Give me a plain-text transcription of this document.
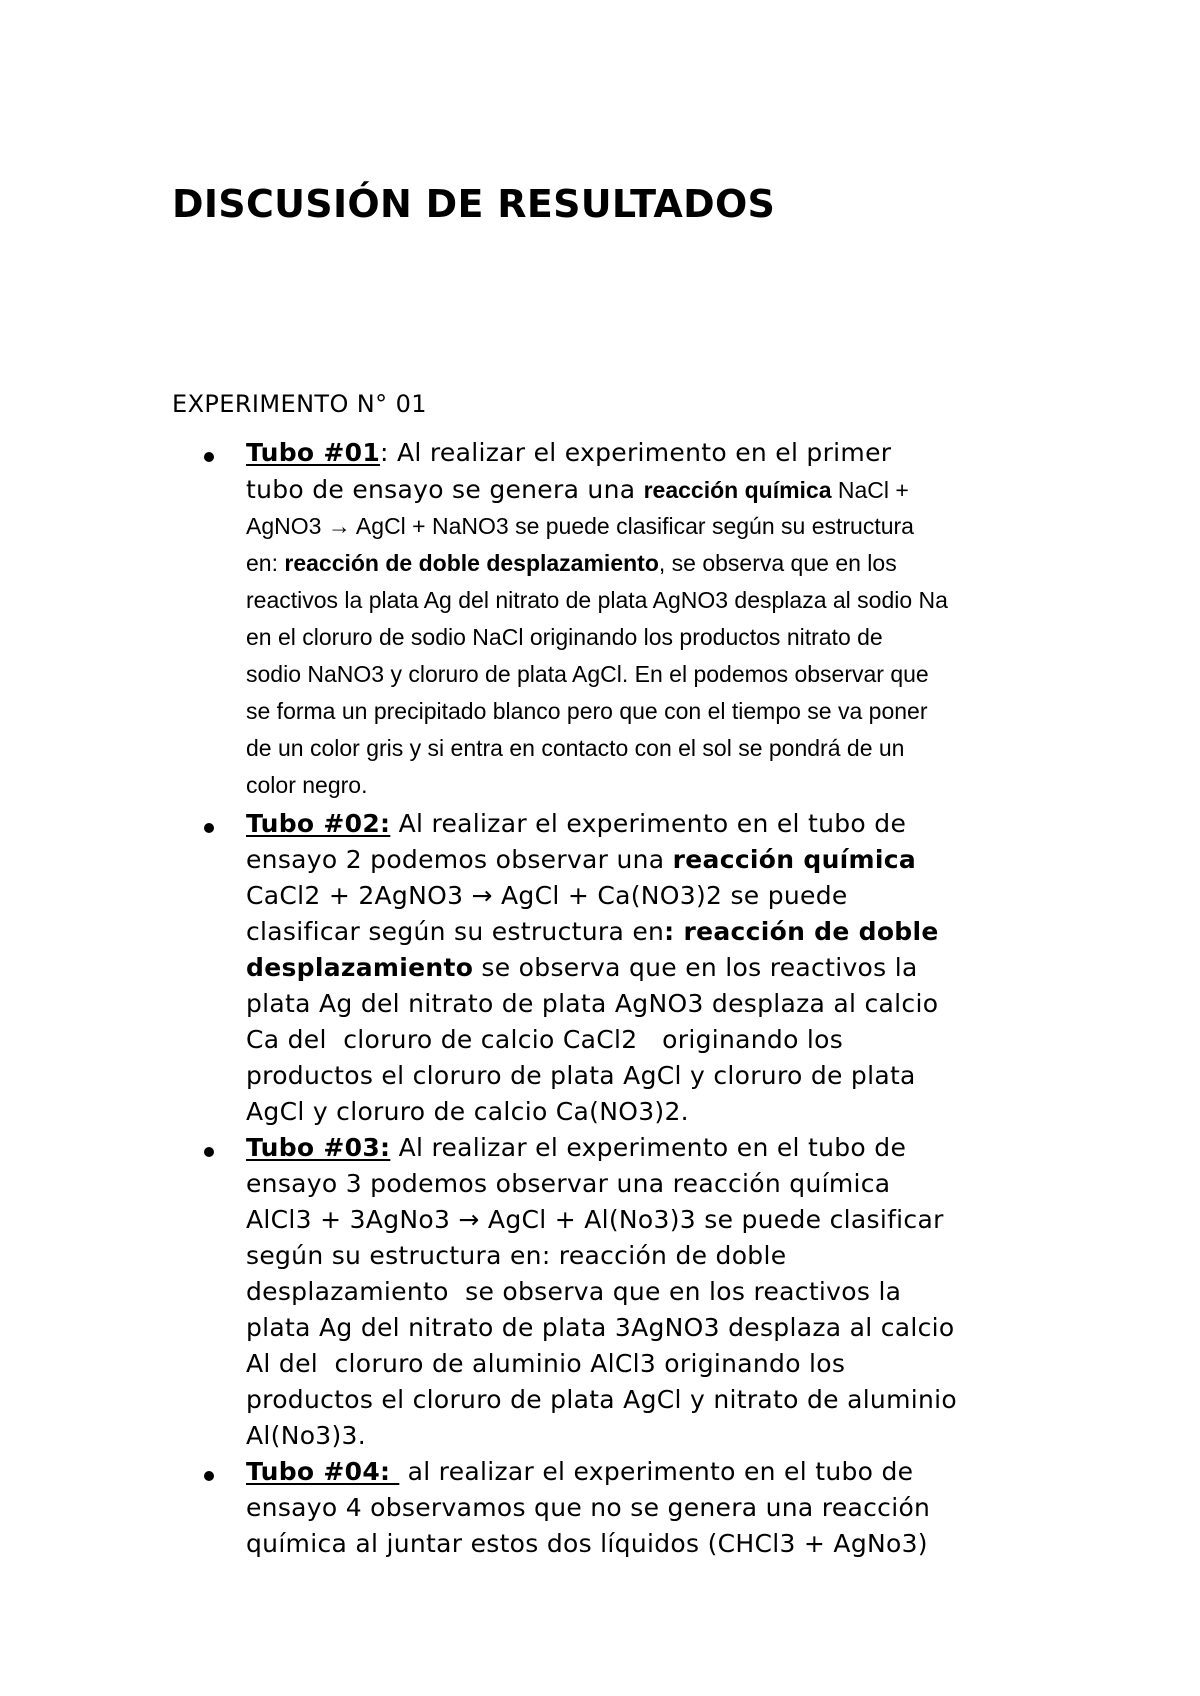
DISCUSIÓN DE RESULTADOS

EXPERIMENTO N° 01

Tubo #01: Al realizar el experimento en el primer

tubo de ensayo se genera una reacción química NaCl +

AgNO3 → AgCl + NaNO3 se puede clasificar según su estructura

en: reacción de doble desplazamiento, se observa que en los

reactivos la plata Ag del nitrato de plata AgNO3 desplaza al sodio Na

en el cloruro de sodio NaCl originando los productos nitrato de

sodio NaNO3 y cloruro de plata AgCl. En el podemos observar que

se forma un precipitado blanco pero que con el tiempo se va poner

de un color gris y si entra en contacto con el sol se pondrá de un

color negro.

Tubo #02: Al realizar el experimento en el tubo de

ensayo 2 podemos observar una reacción química

CaCl2 + 2AgNO3 → AgCl + Ca(NO3)2 se puede

clasificar según su estructura en: reacción de doble

desplazamiento se observa que en los reactivos la

plata Ag del nitrato de plata AgNO3 desplaza al calcio

Ca del  cloruro de calcio CaCl2   originando los

productos el cloruro de plata AgCl y cloruro de plata

AgCl y cloruro de calcio Ca(NO3)2.

Tubo #03: Al realizar el experimento en el tubo de

ensayo 3 podemos observar una reacción química

AlCl3 + 3AgNo3 → AgCl + Al(No3)3 se puede clasificar

según su estructura en: reacción de doble

desplazamiento  se observa que en los reactivos la

plata Ag del nitrato de plata 3AgNO3 desplaza al calcio

Al del  cloruro de aluminio AlCl3 originando los

productos el cloruro de plata AgCl y nitrato de aluminio

Al(No3)3.

Tubo #04:  al realizar el experimento en el tubo de

ensayo 4 observamos que no se genera una reacción

química al juntar estos dos líquidos (CHCl3 + AgNo3)
